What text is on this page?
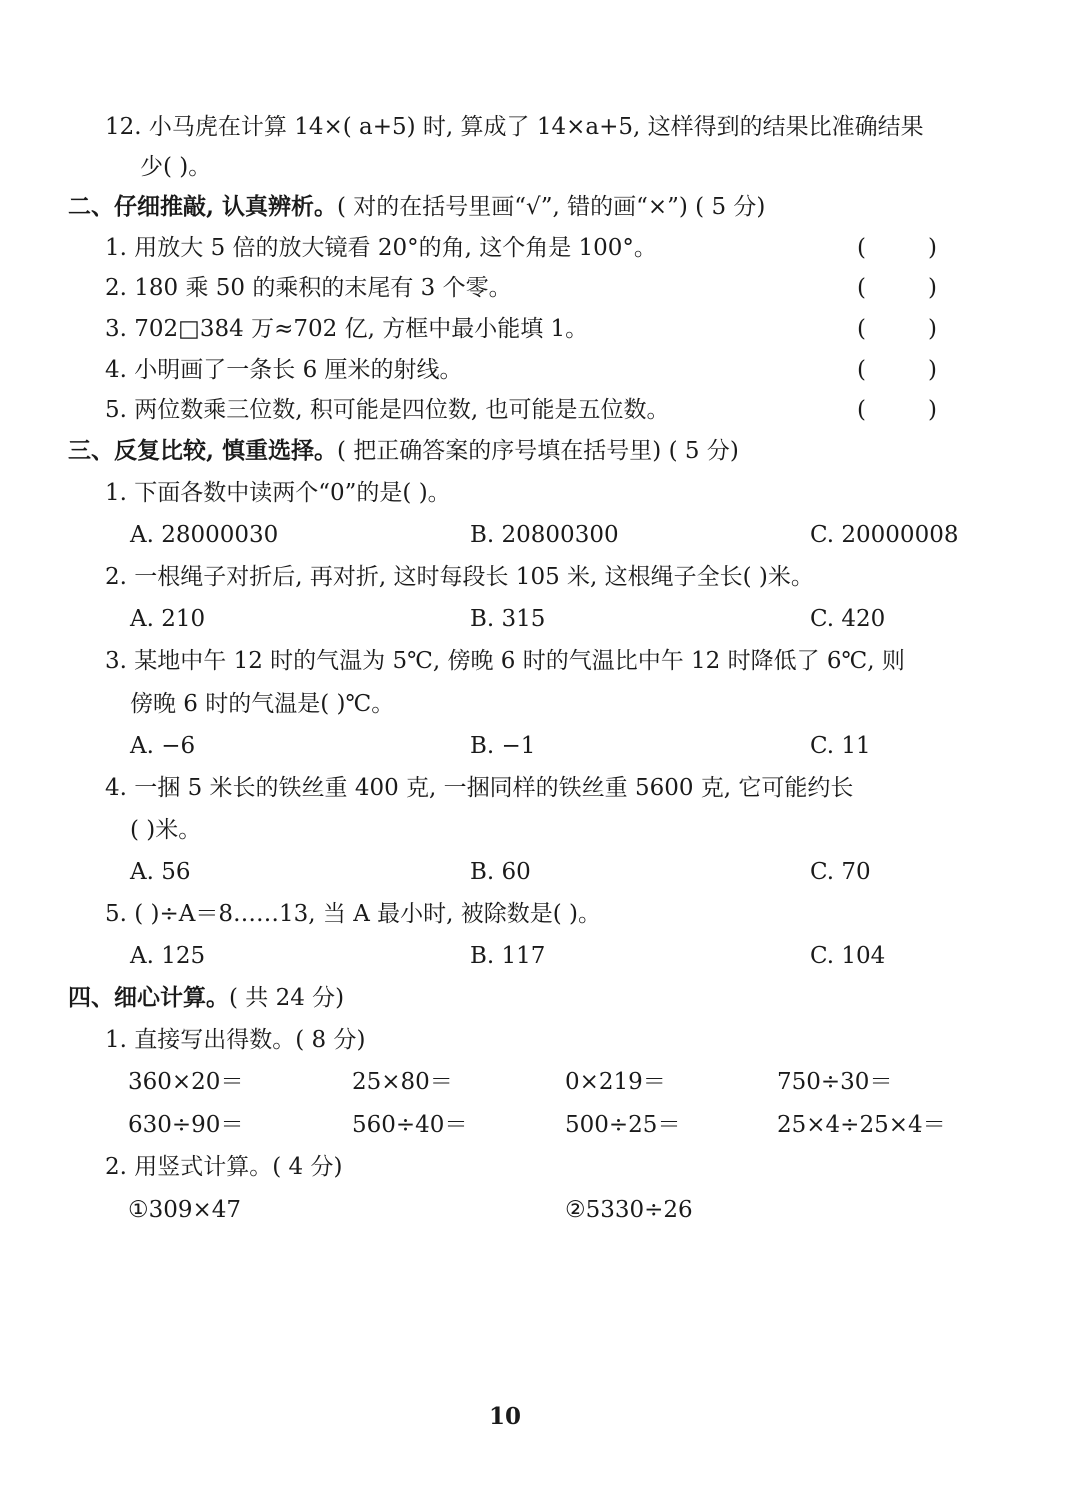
12. 小马虎在计算 14×( a+5) 时, 算成了 14×a+5, 这样得到的结果比准确结果
少( )。
二、仔细推敲, 认真辨析。( 对的在括号里画“√”, 错的画“×”) ( 5 分)
1. 用放大 5 倍的放大镜看 20°的角, 这个角是 100°。	(	)
2. 180 乘 50 的乘积的末尾有 3 个零。	(	)
3. 702□384 万≈702 亿, 方框中最小能填 1。	(	)
4. 小明画了一条长 6 厘米的射线。	(	)
5. 两位数乘三位数, 积可能是四位数, 也可能是五位数。	(	)
三、反复比较, 慎重选择。( 把正确答案的序号填在括号里) ( 5 分)
1. 下面各数中读两个“0”的是( )。
A. 28000030	B. 20800300	C. 20000008
2. 一根绳子对折后, 再对折, 这时每段长 105 米, 这根绳子全长( )米。
A. 210	B. 315	C. 420
3. 某地中午 12 时的气温为 5℃, 傍晚 6 时的气温比中午 12 时降低了 6℃, 则
傍晚 6 时的气温是( )℃。
A. −6	B. −1	C. 11
4. 一捆 5 米长的铁丝重 400 克, 一捆同样的铁丝重 5600 克, 它可能约长
( )米。
A. 56	B. 60	C. 70
5. ( )÷A＝8……13, 当 A 最小时, 被除数是( )。
A. 125	B. 117	C. 104
四、细心计算。( 共 24 分)
1. 直接写出得数。( 8 分)
360×20＝	25×80＝	0×219＝	750÷30＝
630÷90＝	560÷40＝	500÷25＝	25×4÷25×4＝
2. 用竖式计算。( 4 分)
①309×47	②5330÷26
10
